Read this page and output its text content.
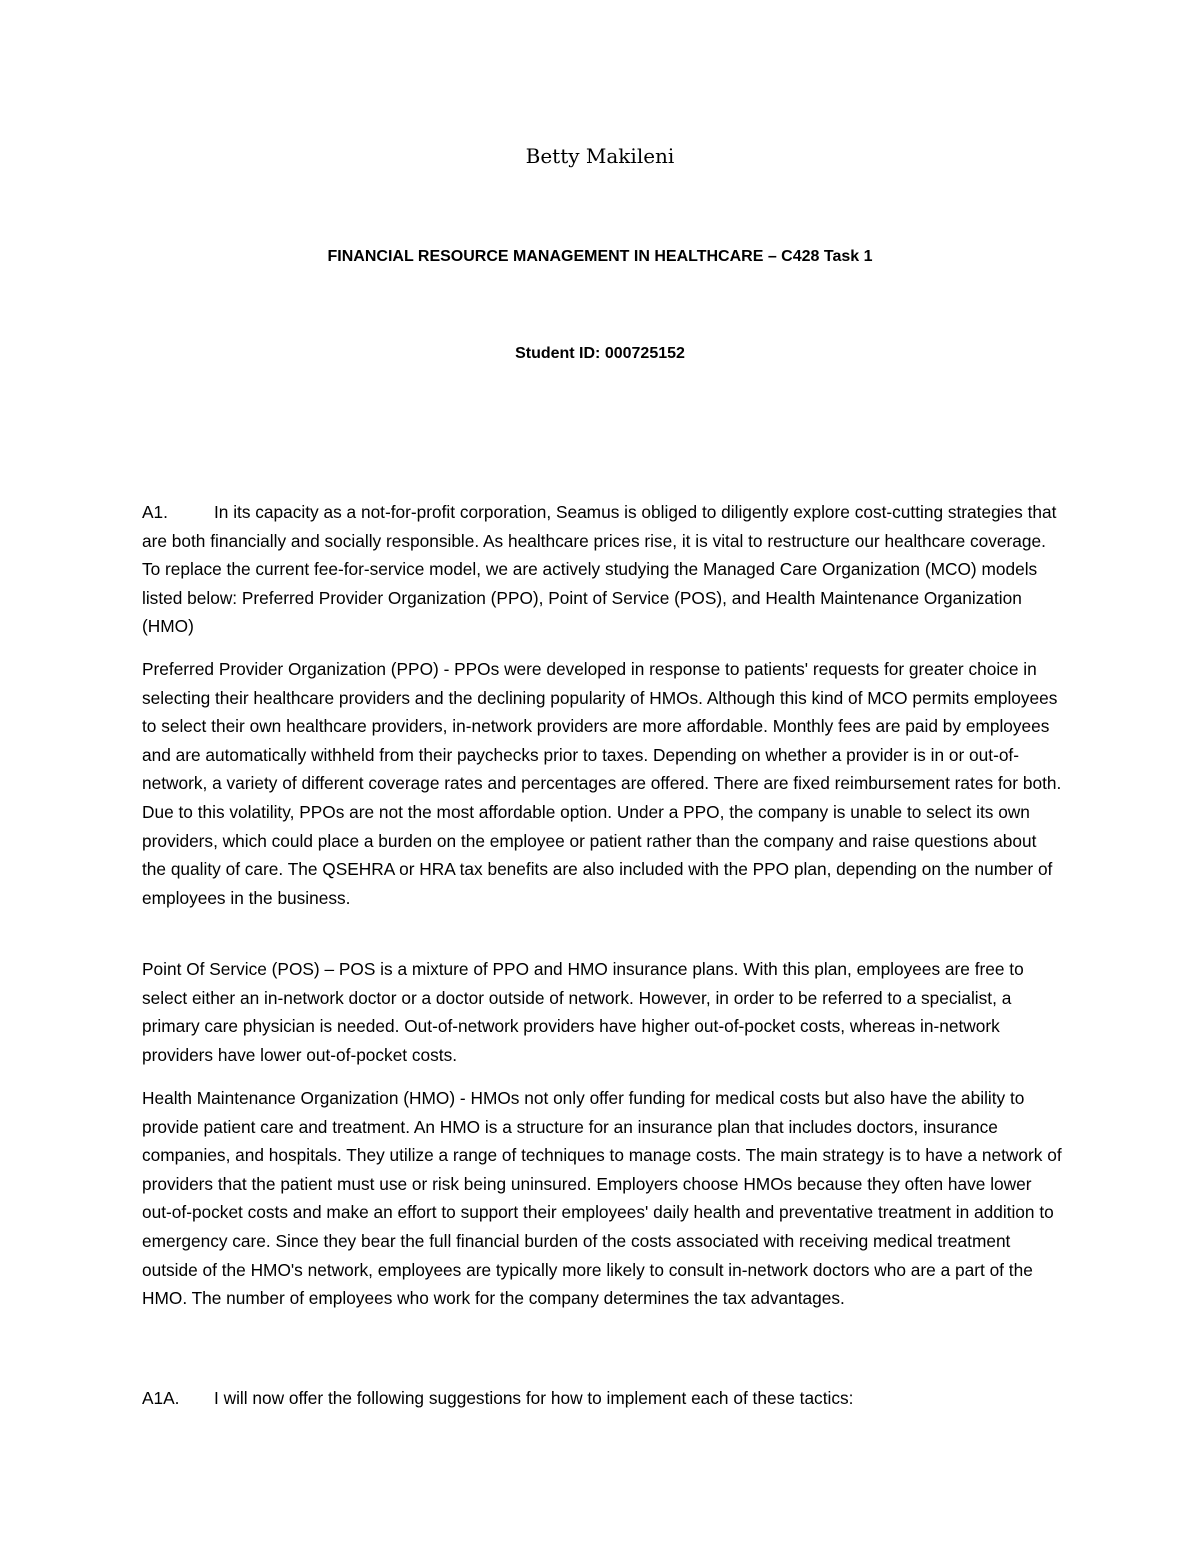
Betty Makileni
FINANCIAL RESOURCE MANAGEMENT IN HEALTHCARE – C428 Task 1
Student ID: 000725152

A1.	In its capacity as a not-for-profit corporation, Seamus is obliged to diligently explore cost-cutting strategies that are both financially and socially responsible. As healthcare prices rise, it is vital to restructure our healthcare coverage. To replace the current fee-for-service model, we are actively studying the Managed Care Organization (MCO) models listed below: Preferred Provider Organization (PPO), Point of Service (POS), and Health Maintenance Organization (HMO)

Preferred Provider Organization (PPO) - PPOs were developed in response to patients' requests for greater choice in selecting their healthcare providers and the declining popularity of HMOs. Although this kind of MCO permits employees to select their own healthcare providers, in-network providers are more affordable. Monthly fees are paid by employees and are automatically withheld from their paychecks prior to taxes. Depending on whether a provider is in or out-of-network, a variety of different coverage rates and percentages are offered. There are fixed reimbursement rates for both. Due to this volatility, PPOs are not the most affordable option. Under a PPO, the company is unable to select its own providers, which could place a burden on the employee or patient rather than the company and raise questions about the quality of care. The QSEHRA or HRA tax benefits are also included with the PPO plan, depending on the number of employees in the business.

Point Of Service (POS) – POS is a mixture of PPO and HMO insurance plans. With this plan, employees are free to select either an in-network doctor or a doctor outside of network. However, in order to be referred to a specialist, a primary care physician is needed. Out-of-network providers have higher out-of-pocket costs, whereas in-network providers have lower out-of-pocket costs.

Health Maintenance Organization (HMO) - HMOs not only offer funding for medical costs but also have the ability to provide patient care and treatment. An HMO is a structure for an insurance plan that includes doctors, insurance companies, and hospitals. They utilize a range of techniques to manage costs. The main strategy is to have a network of providers that the patient must use or risk being uninsured. Employers choose HMOs because they often have lower out-of-pocket costs and make an effort to support their employees' daily health and preventative treatment in addition to emergency care. Since they bear the full financial burden of the costs associated with receiving medical treatment outside of the HMO's network, employees are typically more likely to consult in-network doctors who are a part of the HMO. The number of employees who work for the company determines the tax advantages.

A1A. I will now offer the following suggestions for how to implement each of these tactics:
